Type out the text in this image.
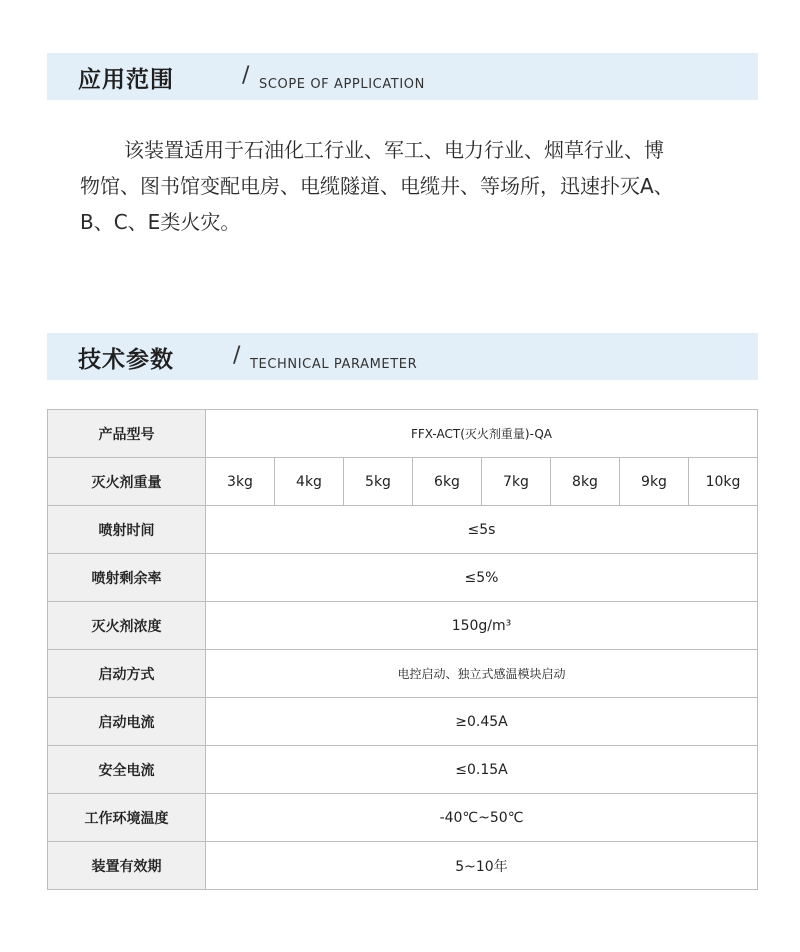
应用范围	/ SCOPE OF APPLICATION

该装置适用于石油化工行业、军工、电力行业、烟草行业、博
物馆、图书馆变配电房、电缆隧道、电缆井、等场所，迅速扑灭A、
B、C、E类火灾。

技术参数	/ TECHNICAL PARAMETER
产品型号	FFX-ACT(灭火剂重量)-QA							
灭火剂重量	3kg	4kg	5kg	6kg	7kg	8kg	9kg	10kg
喷射时间	≤5s							
喷射剩余率	≤5%							
灭火剂浓度	150g/m³							
启动方式	电控启动、独立式感温模块启动							
启动电流	≥0.45A							
安全电流	≤0.15A							
工作环境温度	-40℃~50℃							
装置有效期	5~10年							
